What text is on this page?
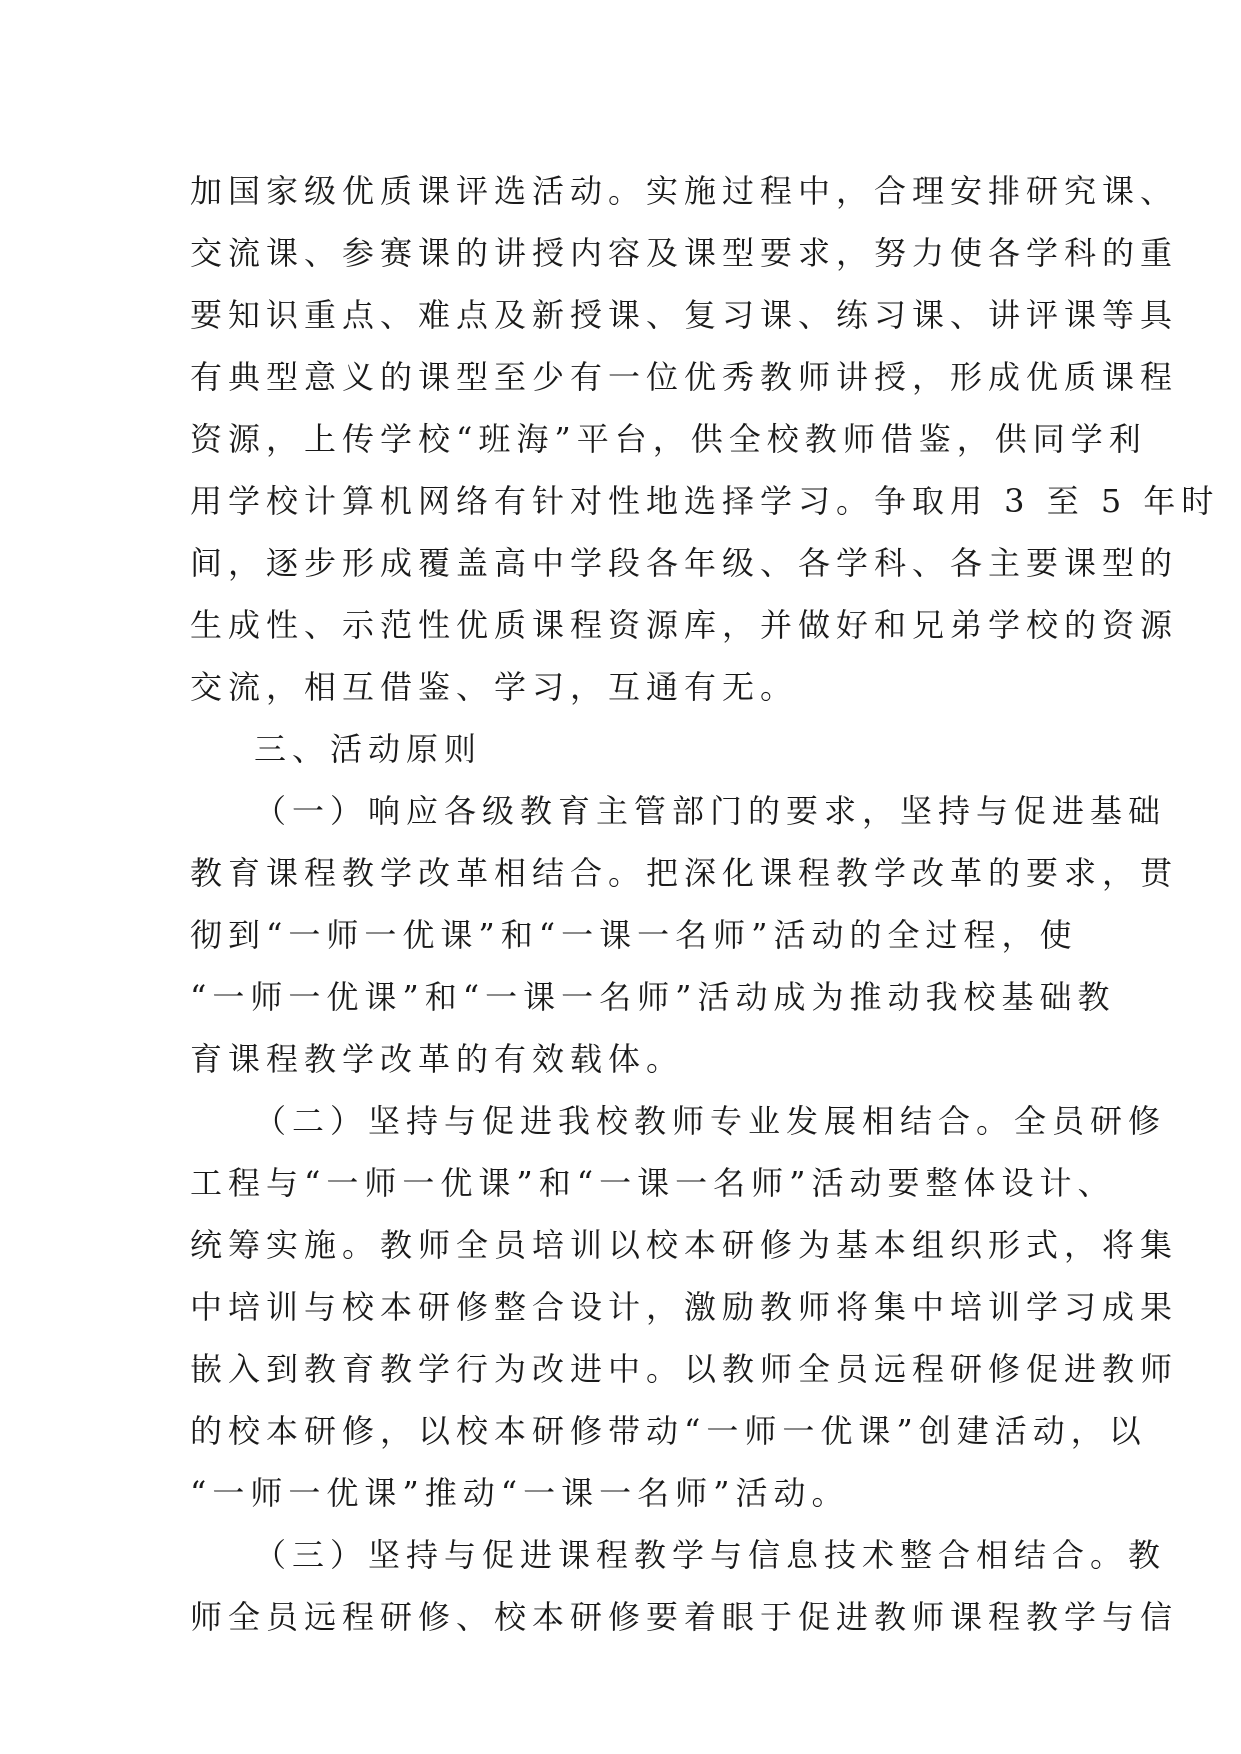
加国家级优质课评选活动。实施过程中，合理安排研究课、
交流课、参赛课的讲授内容及课型要求，努力使各学科的重
要知识重点、难点及新授课、复习课、练习课、讲评课等具
有典型意义的课型至少有一位优秀教师讲授，形成优质课程
资源，上传学校“班海”平台，供全校教师借鉴，供同学利
用学校计算机网络有针对性地选择学习。争取用 3 至 5 年时
间，逐步形成覆盖高中学段各年级、各学科、各主要课型的
生成性、示范性优质课程资源库，并做好和兄弟学校的资源
交流，相互借鉴、学习，互通有无。
三、活动原则
（一）响应各级教育主管部门的要求，坚持与促进基础
教育课程教学改革相结合。把深化课程教学改革的要求，贯
彻到“一师一优课”和“一课一名师”活动的全过程，使
“一师一优课”和“一课一名师”活动成为推动我校基础教
育课程教学改革的有效载体。
（二）坚持与促进我校教师专业发展相结合。全员研修
工程与“一师一优课”和“一课一名师”活动要整体设计、
统筹实施。教师全员培训以校本研修为基本组织形式，将集
中培训与校本研修整合设计，激励教师将集中培训学习成果
嵌入到教育教学行为改进中。以教师全员远程研修促进教师
的校本研修，以校本研修带动“一师一优课”创建活动，以
“一师一优课”推动“一课一名师”活动。
（三）坚持与促进课程教学与信息技术整合相结合。教
师全员远程研修、校本研修要着眼于促进教师课程教学与信
